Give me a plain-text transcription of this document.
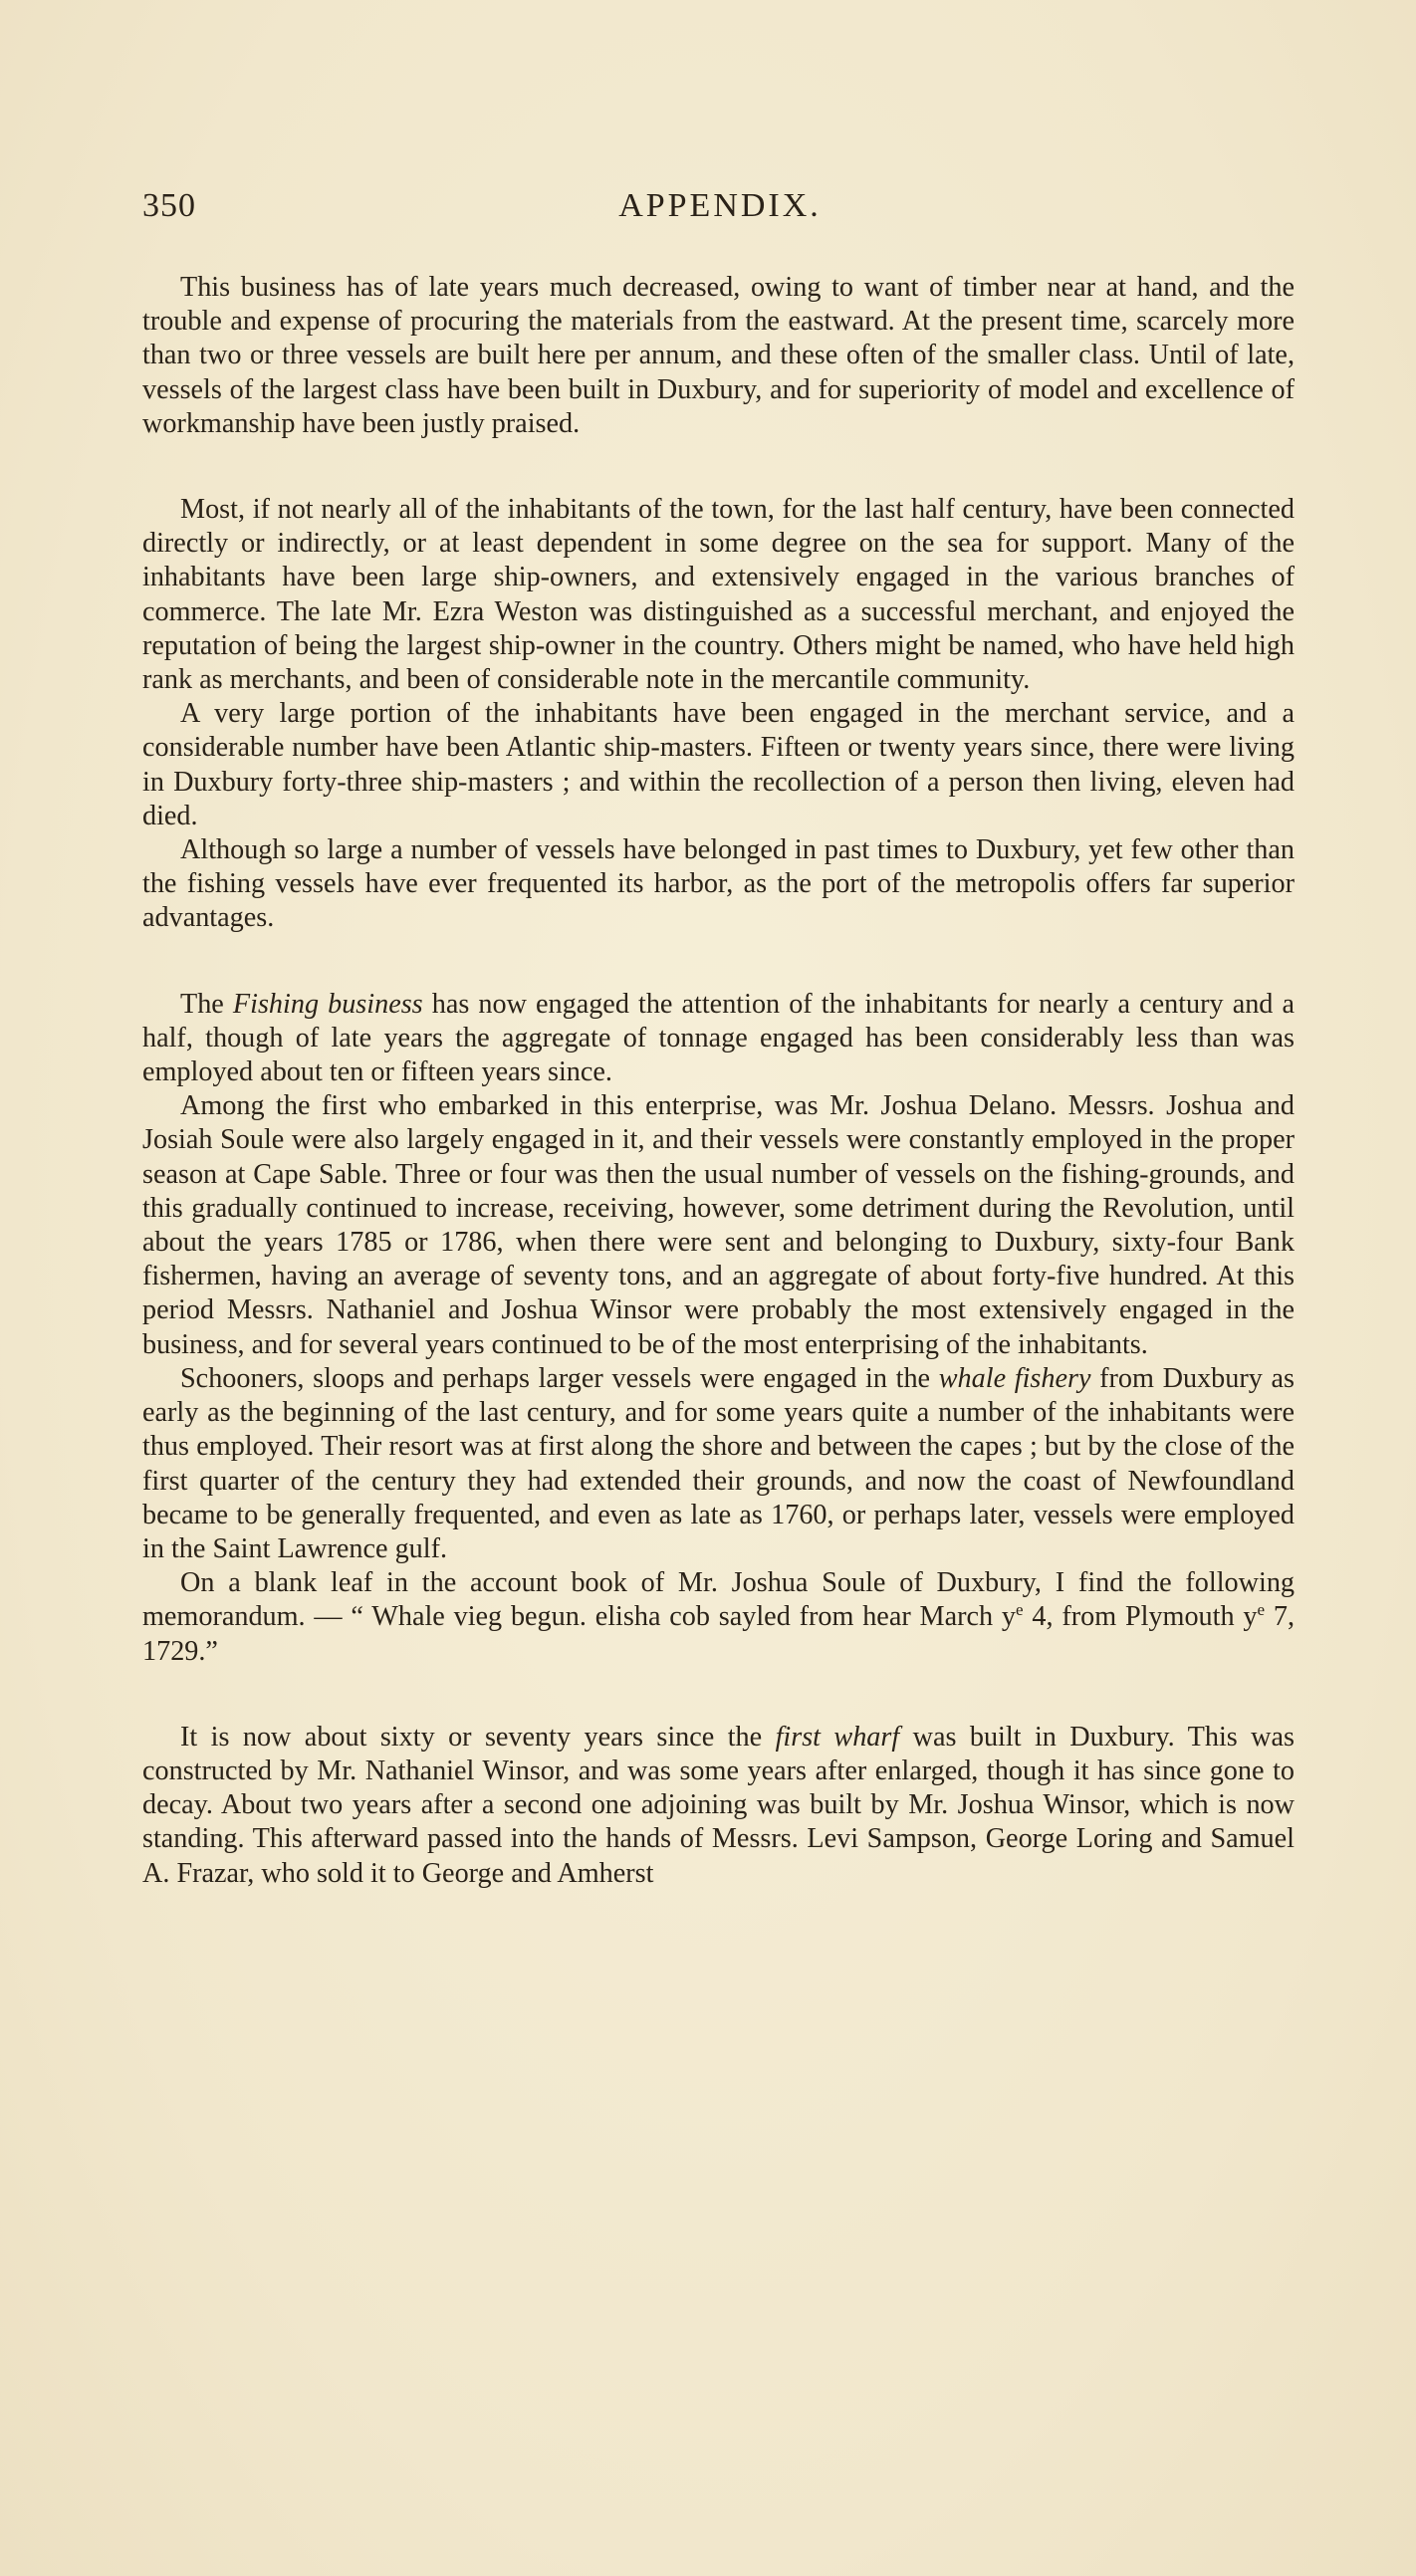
350	APPENDIX.

This business has of late years much decreased, owing to want of timber near at hand, and the trouble and expense of procuring the materials from the eastward. At the present time, scarcely more than two or three vessels are built here per annum, and these often of the smaller class. Until of late, vessels of the largest class have been built in Duxbury, and for superiority of model and excellence of workmanship have been justly praised.

Most, if not nearly all of the inhabitants of the town, for the last half century, have been connected directly or indirectly, or at least dependent in some degree on the sea for support. Many of the inhabitants have been large ship-owners, and extensively engaged in the various branches of commerce. The late Mr. Ezra Weston was distinguished as a successful merchant, and enjoyed the reputation of being the largest ship-owner in the country. Others might be named, who have held high rank as merchants, and been of considerable note in the mercantile community.

A very large portion of the inhabitants have been engaged in the merchant service, and a considerable number have been Atlantic ship-masters. Fifteen or twenty years since, there were living in Duxbury forty-three ship-masters ; and within the recollection of a person then living, eleven had died.

Although so large a number of vessels have belonged in past times to Duxbury, yet few other than the fishing vessels have ever frequented its harbor, as the port of the metropolis offers far superior advantages.

The Fishing business has now engaged the attention of the inhabitants for nearly a century and a half, though of late years the aggregate of tonnage engaged has been considerably less than was employed about ten or fifteen years since.

Among the first who embarked in this enterprise, was Mr. Joshua Delano. Messrs. Joshua and Josiah Soule were also largely engaged in it, and their vessels were constantly employed in the proper season at Cape Sable. Three or four was then the usual number of vessels on the fishing-grounds, and this gradually continued to increase, receiving, however, some detriment during the Revolution, until about the years 1785 or 1786, when there were sent and belonging to Duxbury, sixty-four Bank fishermen, having an average of seventy tons, and an aggregate of about forty-five hundred. At this period Messrs. Nathaniel and Joshua Winsor were probably the most extensively engaged in the business, and for several years continued to be of the most enterprising of the inhabitants.

Schooners, sloops and perhaps larger vessels were engaged in the whale fishery from Duxbury as early as the beginning of the last century, and for some years quite a number of the inhabitants were thus employed. Their resort was at first along the shore and between the capes ; but by the close of the first quarter of the century they had extended their grounds, and now the coast of Newfoundland became to be generally frequented, and even as late as 1760, or perhaps later, vessels were employed in the Saint Lawrence gulf.

On a blank leaf in the account book of Mr. Joshua Soule of Duxbury, I find the following memorandum. — “ Whale vieg begun. elisha cob sayled from hear March $y^e$ 4, from Plymouth $y^e$ 7, 1729.”

It is now about sixty or seventy years since the first wharf was built in Duxbury. This was constructed by Mr. Nathaniel Winsor, and was some years after enlarged, though it has since gone to decay. About two years after a second one adjoining was built by Mr. Joshua Winsor, which is now standing. This afterward passed into the hands of Messrs. Levi Sampson, George Loring and Samuel A. Frazar, who sold it to George and Amherst
